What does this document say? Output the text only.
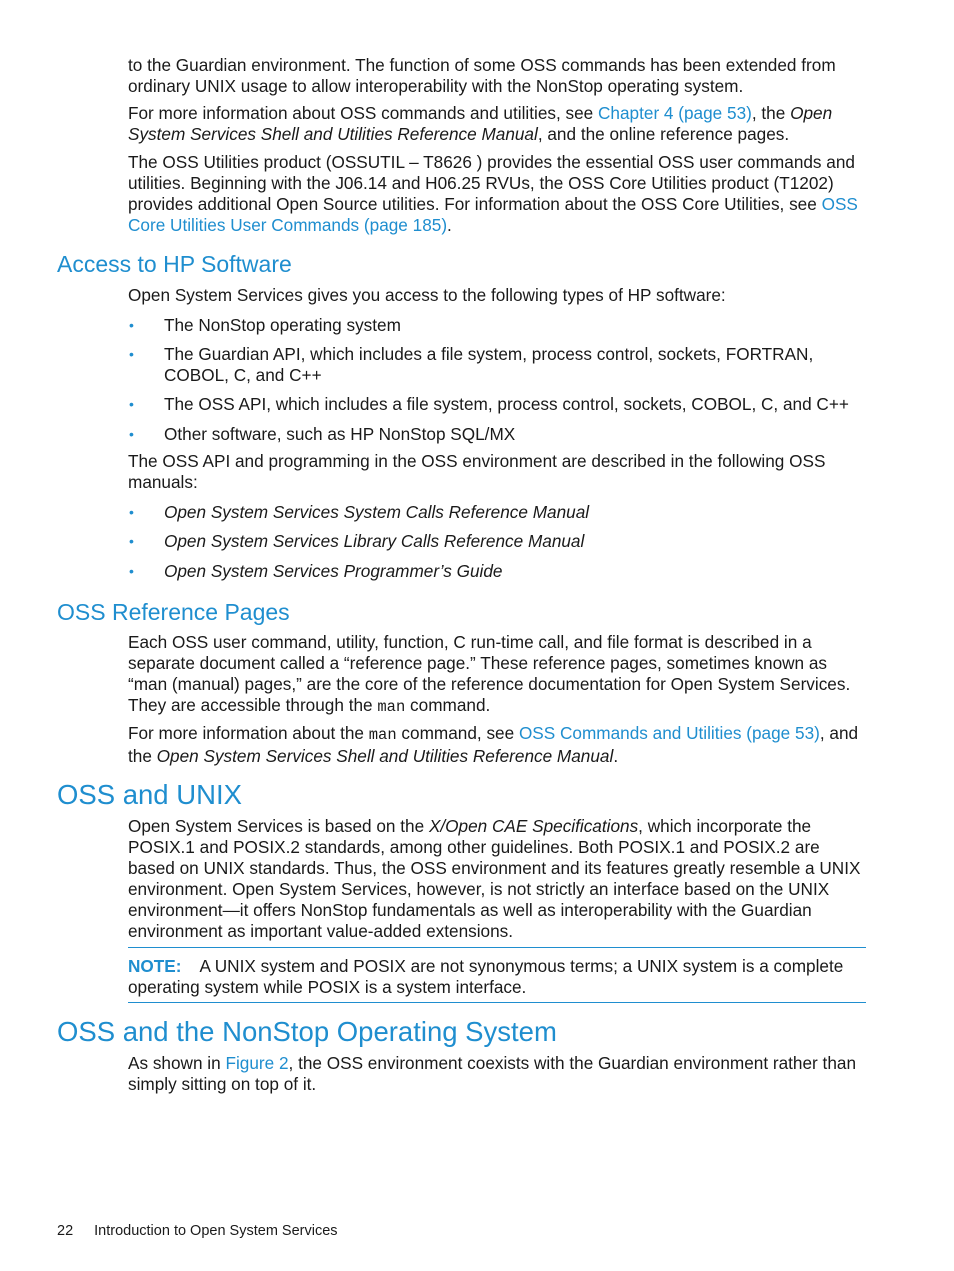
to the Guardian environment. The function of some OSS commands has been extended from ordinary UNIX usage to allow interoperability with the NonStop operating system.

For more information about OSS commands and utilities, see Chapter 4 (page 53), the Open System Services Shell and Utilities Reference Manual, and the online reference pages.

The OSS Utilities product (OSSUTIL – T8626 ) provides the essential OSS user commands and utilities. Beginning with the J06.14 and H06.25 RVUs, the OSS Core Utilities product (T1202) provides additional Open Source utilities. For information about the OSS Core Utilities, see OSS Core Utilities User Commands (page 185).

Access to HP Software

Open System Services gives you access to the following types of HP software:

• The NonStop operating system
• The Guardian API, which includes a file system, process control, sockets, FORTRAN, COBOL, C, and C++
• The OSS API, which includes a file system, process control, sockets, COBOL, C, and C++
• Other software, such as HP NonStop SQL/MX

The OSS API and programming in the OSS environment are described in the following OSS manuals:

• Open System Services System Calls Reference Manual
• Open System Services Library Calls Reference Manual
• Open System Services Programmer’s Guide
OSS Reference Pages

Each OSS user command, utility, function, C run-time call, and file format is described in a separate document called a “reference page.” These reference pages, sometimes known as “man (manual) pages,” are the core of the reference documentation for Open System Services. They are accessible through the man command.

For more information about the man command, see OSS Commands and Utilities (page 53), and the Open System Services Shell and Utilities Reference Manual.

OSS and UNIX

Open System Services is based on the X/Open CAE Specifications, which incorporate the POSIX.1 and POSIX.2 standards, among other guidelines. Both POSIX.1 and POSIX.2 are based on UNIX standards. Thus, the OSS environment and its features greatly resemble a UNIX environment. Open System Services, however, is not strictly an interface based on the UNIX environment—it offers NonStop fundamentals as well as interoperability with the Guardian environment as important value-added extensions.

NOTE: A UNIX system and POSIX are not synonymous terms; a UNIX system is a complete operating system while POSIX is a system interface.

OSS and the NonStop Operating System

As shown in Figure 2, the OSS environment coexists with the Guardian environment rather than simply sitting on top of it.

22 Introduction to Open System Services
